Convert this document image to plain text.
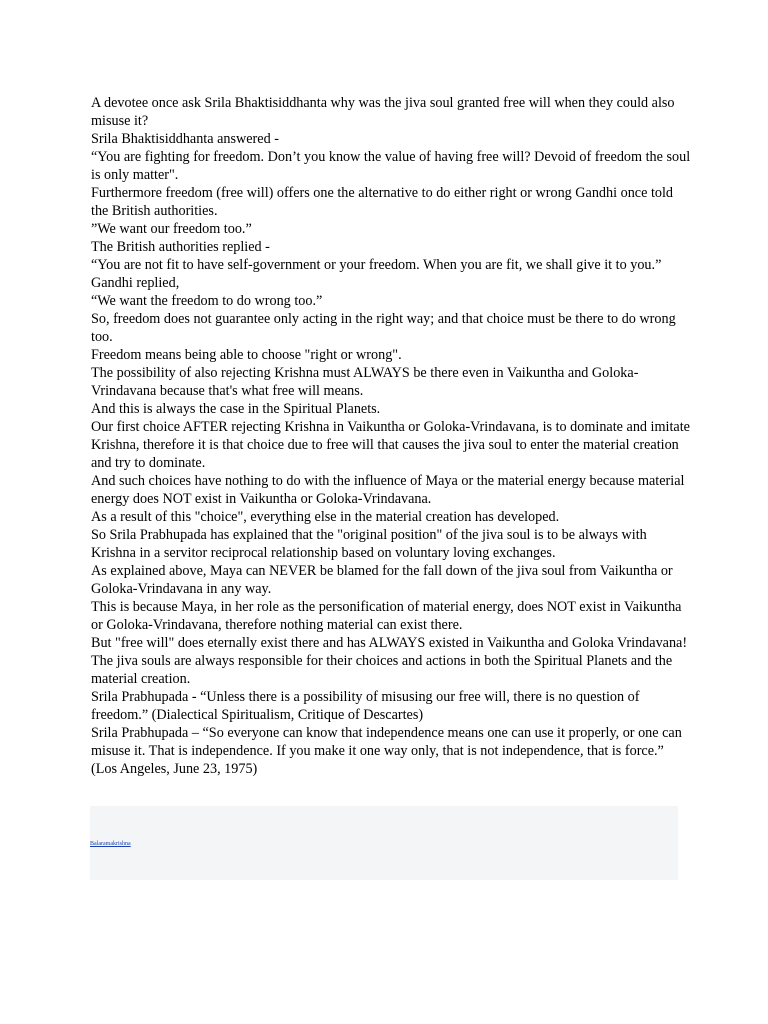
A devotee once ask Srila Bhaktisiddhanta why was the jiva soul granted free will when they could also misuse it?

Srila Bhaktisiddhanta answered -

“You are fighting for freedom. Don’t you know the value of having free will? Devoid of freedom the soul is only matter".

Furthermore freedom (free will) offers one the alternative to do either right or wrong Gandhi once told the British authorities.

”We want our freedom too.”

The British authorities replied -

“You are not fit to have self-government or your freedom. When you are fit, we shall give it to you.”

Gandhi replied,

“We want the freedom to do wrong too.”

So, freedom does not guarantee only acting in the right way; and that choice must be there to do wrong too.

Freedom means being able to choose "right or wrong".

The possibility of also rejecting Krishna must ALWAYS be there even in Vaikuntha and Goloka-Vrindavana because that's what free will means.

And this is always the case in the Spiritual Planets.

Our first choice AFTER rejecting Krishna in Vaikuntha or Goloka-Vrindavana, is to dominate and imitate Krishna, therefore it is that choice due to free will that causes the jiva soul to enter the material creation and try to dominate.

And such choices have nothing to do with the influence of Maya or the material energy because material energy does NOT exist in Vaikuntha or Goloka-Vrindavana.

As a result of this "choice", everything else in the material creation has developed.

So Srila Prabhupada has explained that the "original position" of the jiva soul is to be always with Krishna in a servitor reciprocal relationship based on voluntary loving exchanges.

As explained above, Maya can NEVER be blamed for the fall down of the jiva soul from Vaikuntha or Goloka-Vrindavana in any way.

This is because Maya, in her role as the personification of material energy, does NOT exist in Vaikuntha or Goloka-Vrindavana, therefore nothing material can exist there.

But "free will" does eternally exist there and has ALWAYS existed in Vaikuntha and Goloka Vrindavana!

The jiva souls are always responsible for their choices and actions in both the Spiritual Planets and the material creation.

Srila Prabhupada - “Unless there is a possibility of misusing our free will, there is no question of freedom.” (Dialectical Spiritualism, Critique of Descartes)

Srila Prabhupada – “So everyone can know that independence means one can use it properly, or one can misuse it. That is independence. If you make it one way only, that is not independence, that is force.” (Los Angeles, June 23, 1975)

Balaramakrishna
